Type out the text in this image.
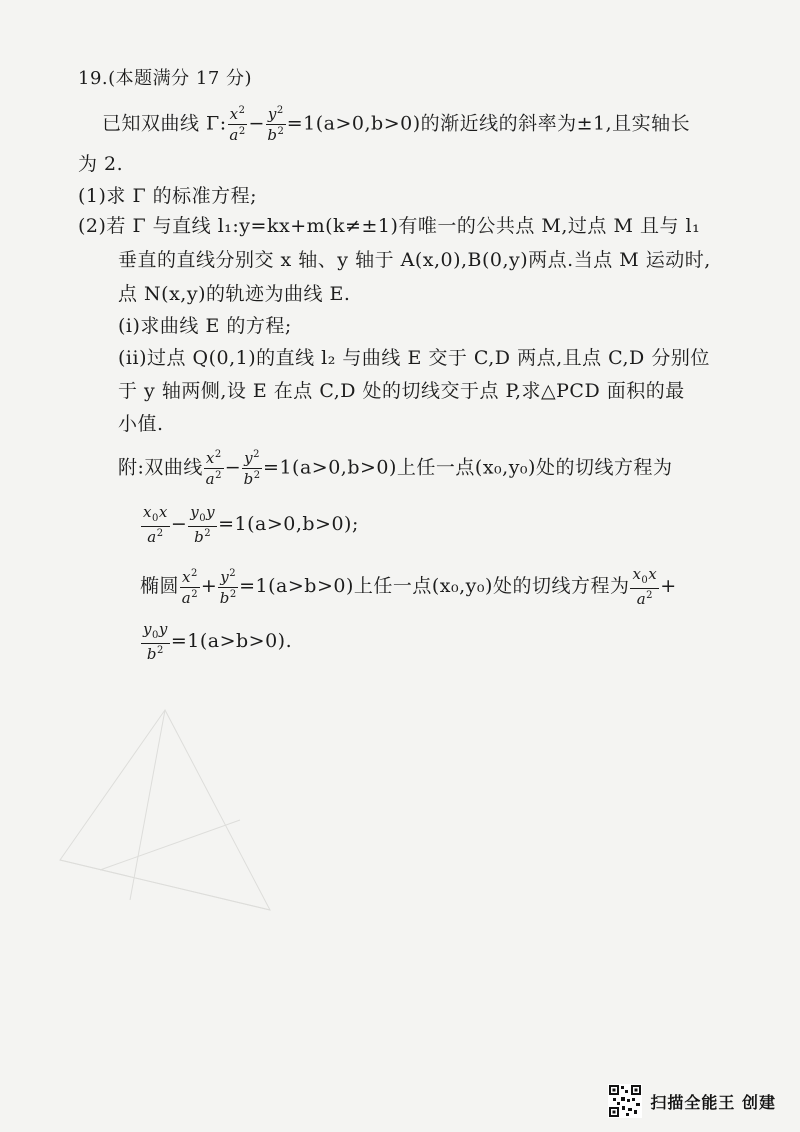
19.(本题满分 17 分)
已知双曲线 Γ: $\frac{x^2}{a^2} - \frac{y^2}{b^2} =1(a>0,b>0)$的渐近线的斜率为±1,且实轴长
为 2.
(1)求 Γ 的标准方程;
(2)若 Γ 与直线 l₁:y=kx+m(k≠±1)有唯一的公共点 M,过点 M 且与 l₁
垂直的直线分别交 x 轴、y 轴于 A(x,0),B(0,y)两点.当点 M 运动时,
点 N(x,y)的轨迹为曲线 E.
(i)求曲线 E 的方程;
(ii)过点 Q(0,1)的直线 l₂ 与曲线 E 交于 C,D 两点,且点 C,D 分别位
于 y 轴两侧,设 E 在点 C,D 处的切线交于点 P,求△PCD 面积的最
小值.
附:双曲线 $\frac{x^2}{a^2} - \frac{y^2}{b^2} =1(a>0,b>0)$上任一点(x₀,y₀)处的切线方程为
$\frac{x_0x}{a^2} - \frac{y_0y}{b^2} =1(a>0,b>0)$;
椭圆 $\frac{x^2}{a^2} + \frac{y^2}{b^2} =1(a>b>0)$上任一点(x₀,y₀)处的切线方程为 $\frac{x_0x}{a^2}$ +
$\frac{y_0y}{b^2} =1(a>b>0)$.
扫描全能王 创建
